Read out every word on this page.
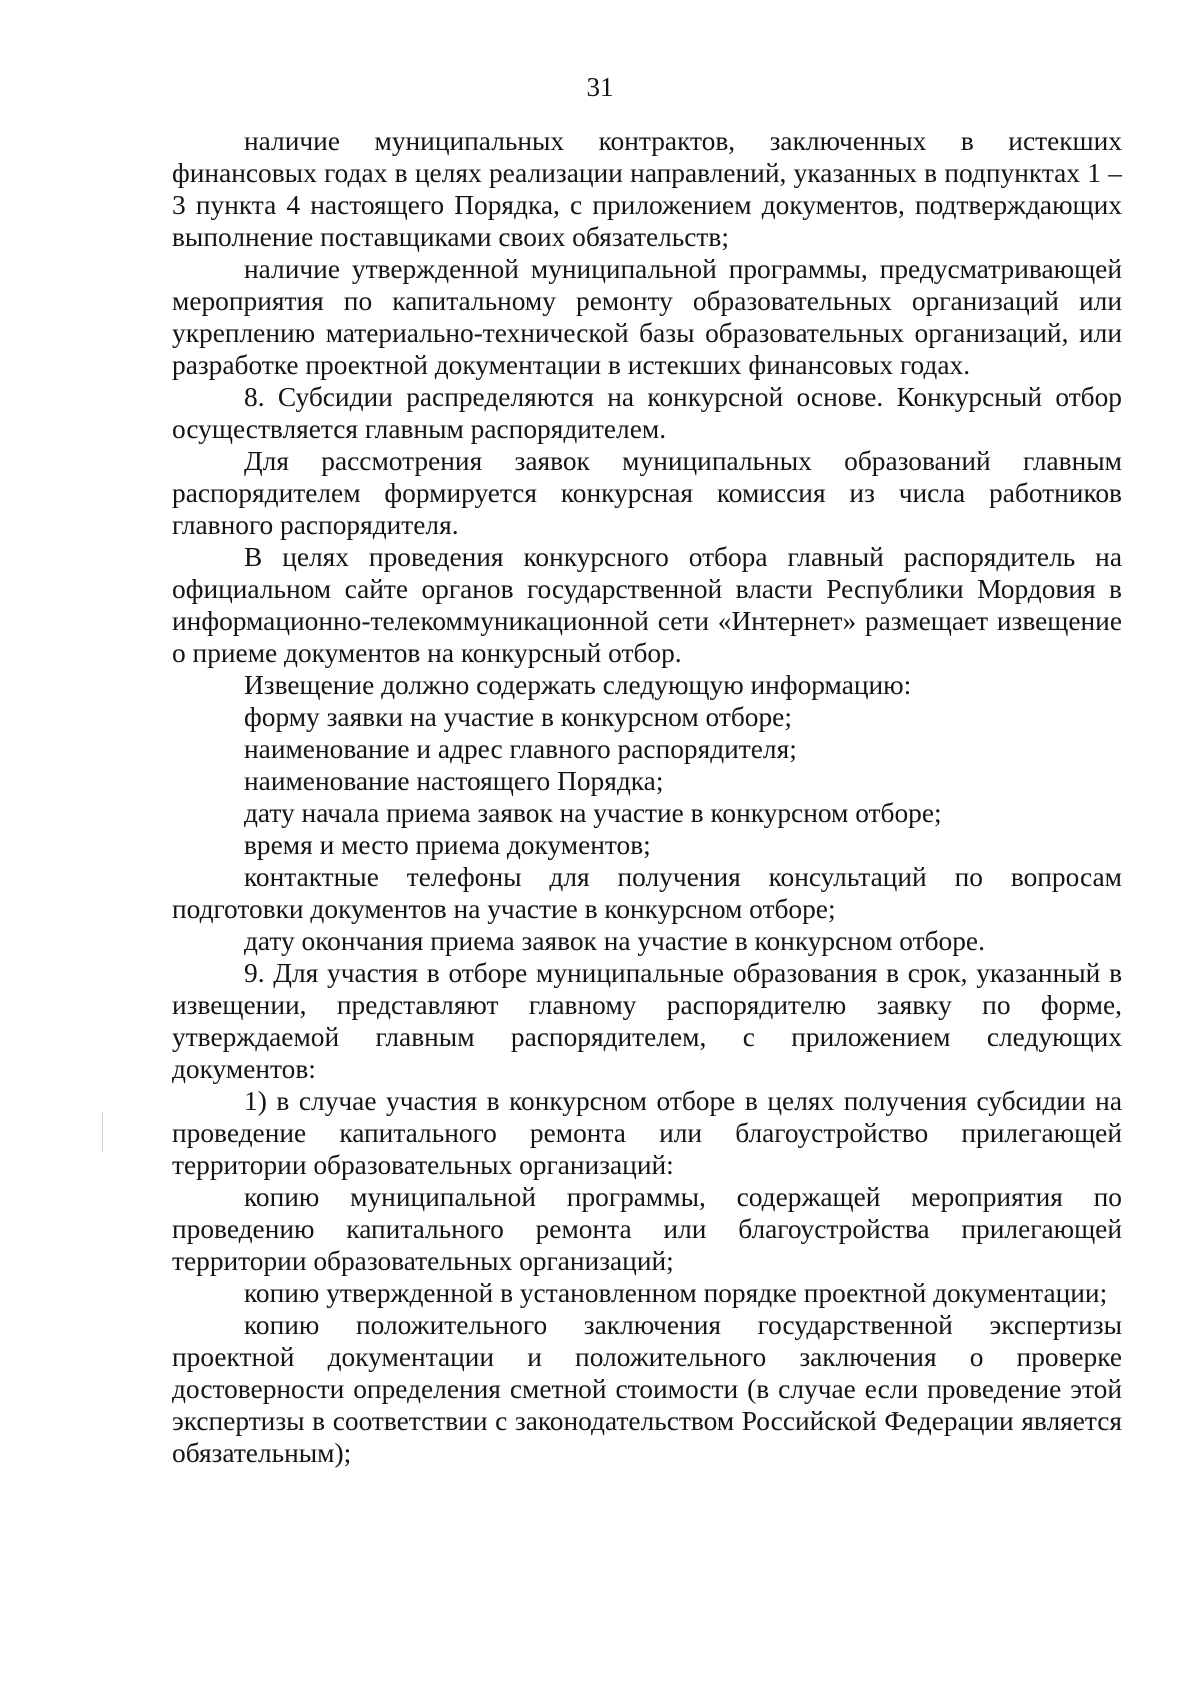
31

наличие муниципальных контрактов, заключенных в истекших финансовых годах в целях реализации направлений, указанных в подпунктах 1 – 3 пункта 4 настоящего Порядка, с приложением документов, подтверждающих выполнение поставщиками своих обязательств;

наличие утвержденной муниципальной программы, предусматривающей мероприятия по капитальному ремонту образовательных организаций или укреплению материально-технической базы образовательных организаций, или разработке проектной документации в истекших финансовых годах.

8. Субсидии распределяются на конкурсной основе. Конкурсный отбор осуществляется главным распорядителем.

Для рассмотрения заявок муниципальных образований главным распорядителем формируется конкурсная комиссия из числа работников главного распорядителя.

В целях проведения конкурсного отбора главный распорядитель на официальном сайте органов государственной власти Республики Мордовия в информационно-телекоммуникационной сети «Интернет» размещает извещение о приеме документов на конкурсный отбор.

Извещение должно содержать следующую информацию:

форму заявки на участие в конкурсном отборе;

наименование и адрес главного распорядителя;

наименование настоящего Порядка;

дату начала приема заявок на участие в конкурсном отборе;

время и место приема документов;

контактные телефоны для получения консультаций по вопросам подготовки документов на участие в конкурсном отборе;

дату окончания приема заявок на участие в конкурсном отборе.

9. Для участия в отборе муниципальные образования в срок, указанный в извещении, представляют главному распорядителю заявку по форме, утверждаемой главным распорядителем, с приложением следующих документов:

1) в случае участия в конкурсном отборе в целях получения субсидии на проведение капитального ремонта или благоустройство прилегающей территории образовательных организаций:

копию муниципальной программы, содержащей мероприятия по проведению капитального ремонта или благоустройства прилегающей территории образовательных организаций;

копию утвержденной в установленном порядке проектной документации;

копию положительного заключения государственной экспертизы проектной документации и положительного заключения о проверке достоверности определения сметной стоимости (в случае если проведение этой экспертизы в соответствии с законодательством Российской Федерации является обязательным);
